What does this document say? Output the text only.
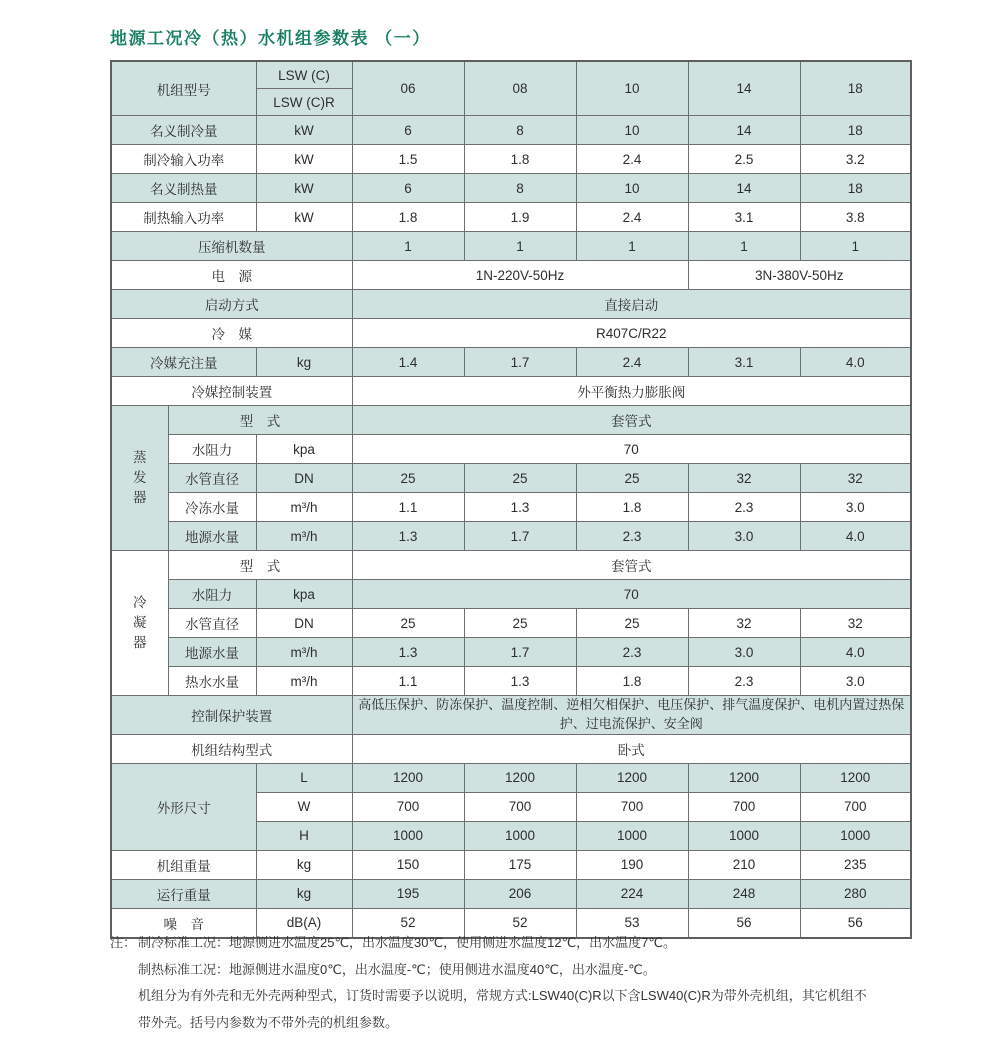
地源工况冷（热）水机组参数表 （一）
机组型号		LSW (C)	06	08	10	14	18
		LSW (C)R					
名义制冷量		kW	6	8	10	14	18
制冷输入功率		kW	1.5	1.8	2.4	2.5	3.2
名义制热量		kW	6	8	10	14	18
制热输入功率		kW	1.8	1.9	2.4	3.1	3.8
压缩机数量			1	1	1	1	1
电　源			1N-220V-50Hz			3N-380V-50Hz	
启动方式			直接启动				
冷　媒			R407C/R22				
冷媒充注量		kg	1.4	1.7	2.4	3.1	4.0
冷媒控制装置			外平衡热力膨胀阀				
蒸发器	型　式		套管式				
	水阻力	kpa	70				
	水管直径	DN	25	25	25	32	32
	冷冻水量	m³/h	1.1	1.3	1.8	2.3	3.0
	地源水量	m³/h	1.3	1.7	2.3	3.0	4.0
冷凝器	型　式		套管式				
	水阻力	kpa	70				
	水管直径	DN	25	25	25	32	32
	地源水量	m³/h	1.3	1.7	2.3	3.0	4.0
	热水水量	m³/h	1.1	1.3	1.8	2.3	3.0
控制保护装置			高低压保护、防冻保护、温度控制、逆相欠相保护、电压保护、排气温度保护、电机内置过热保护、过电流保护、安全阀				
机组结构型式			卧式				
外形尺寸		L	1200	1200	1200	1200	1200
		W	700	700	700	700	700
		H	1000	1000	1000	1000	1000
机组重量		kg	150	175	190	210	235
运行重量		kg	195	206	224	248	280
噪　音		dB(A)	52	52	53	56	56
注： 制冷标准工况：地源侧进水温度25℃，出水温度30℃，使用侧进水温度12℃，出水温度7℃。
制热标准工况：地源侧进水温度0℃，出水温度-℃；使用侧进水温度40℃，出水温度-℃。
机组分为有外壳和无外壳两种型式，订货时需要予以说明，常规方式:LSW40(C)R以下含LSW40(C)R为带外壳机组，其它机组不
带外壳。括号内参数为不带外壳的机组参数。
